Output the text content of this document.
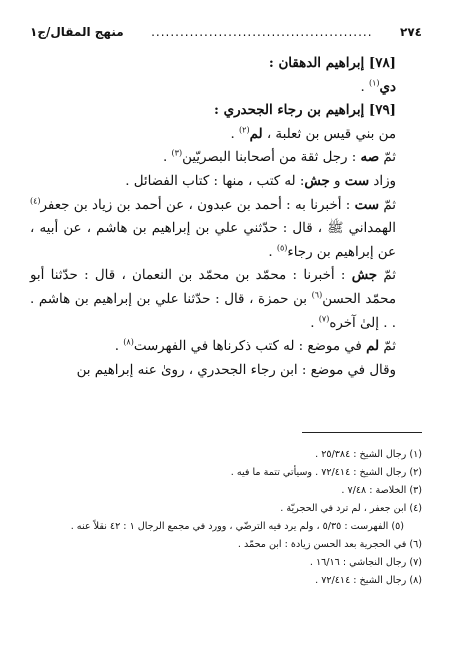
٢٧٤
..............................................
منهج المقال/ج١

[٧٨] إبراهيم الدهقان :

دي$^{(١)}$ .

[٧٩] إبراهيم بن رجاء الجحدري :

من بني قيس بن ثعلبة ، لم$^{(٢)}$ .

ثمّ صه : رجل ثقة من أصحابنا البصريّين$^{(٣)}$ .

وزاد ست و جش: له كتب ، منها : كتاب الفضائل .

ثمّ ست : أخبرنا به : أحمد بن عبدون ، عن أحمد بن زياد بن جعفر$^{(٤)}$ الهمداني ﷺ ، قال : حدّثني علي بن إبراهيم بن هاشم ، عن أبيه ، عن إبراهيم بن رجاء$^{(٥)}$ .

ثمّ جش : أخبرنا : محمّد بن محمّد بن النعمان ، قال : حدّثنا أبو محمّد الحسن$^{(٦)}$ بن حمزة ، قال : حدّثنا علي بن إبراهيم بن هاشم . . . إلىٰ آخره$^{(٧)}$ .

ثمّ لم في موضع : له كتب ذكرناها في الفهرست$^{(٨)}$ .

وقال في موضع : ابن رجاء الجحدري ، روىٰ عنه إبراهيم بن

(١) رجال الشيخ : ٢٥/٣٨٤ .

(٢) رجال الشيخ : ٧٢/٤١٤ . وسيأتي تتمة ما فيه .

(٣) الخلاصة : ٧/٤٨ .

(٤) ابن جعفر ، لم ترد في الحجريّة .

(٥) الفهرست : ٥/٣٥ ، ولم يرد فيه الترضّي ، وورد في مجمع الرجال ١ : ٤٢ نقلاً عنه .

(٦) في الحجرية بعد الحسن زيادة : ابن محمّد .

(٧) رجال النجاشي : ١٦/١٦ .

(٨) رجال الشيخ : ٧٢/٤١٤ .
